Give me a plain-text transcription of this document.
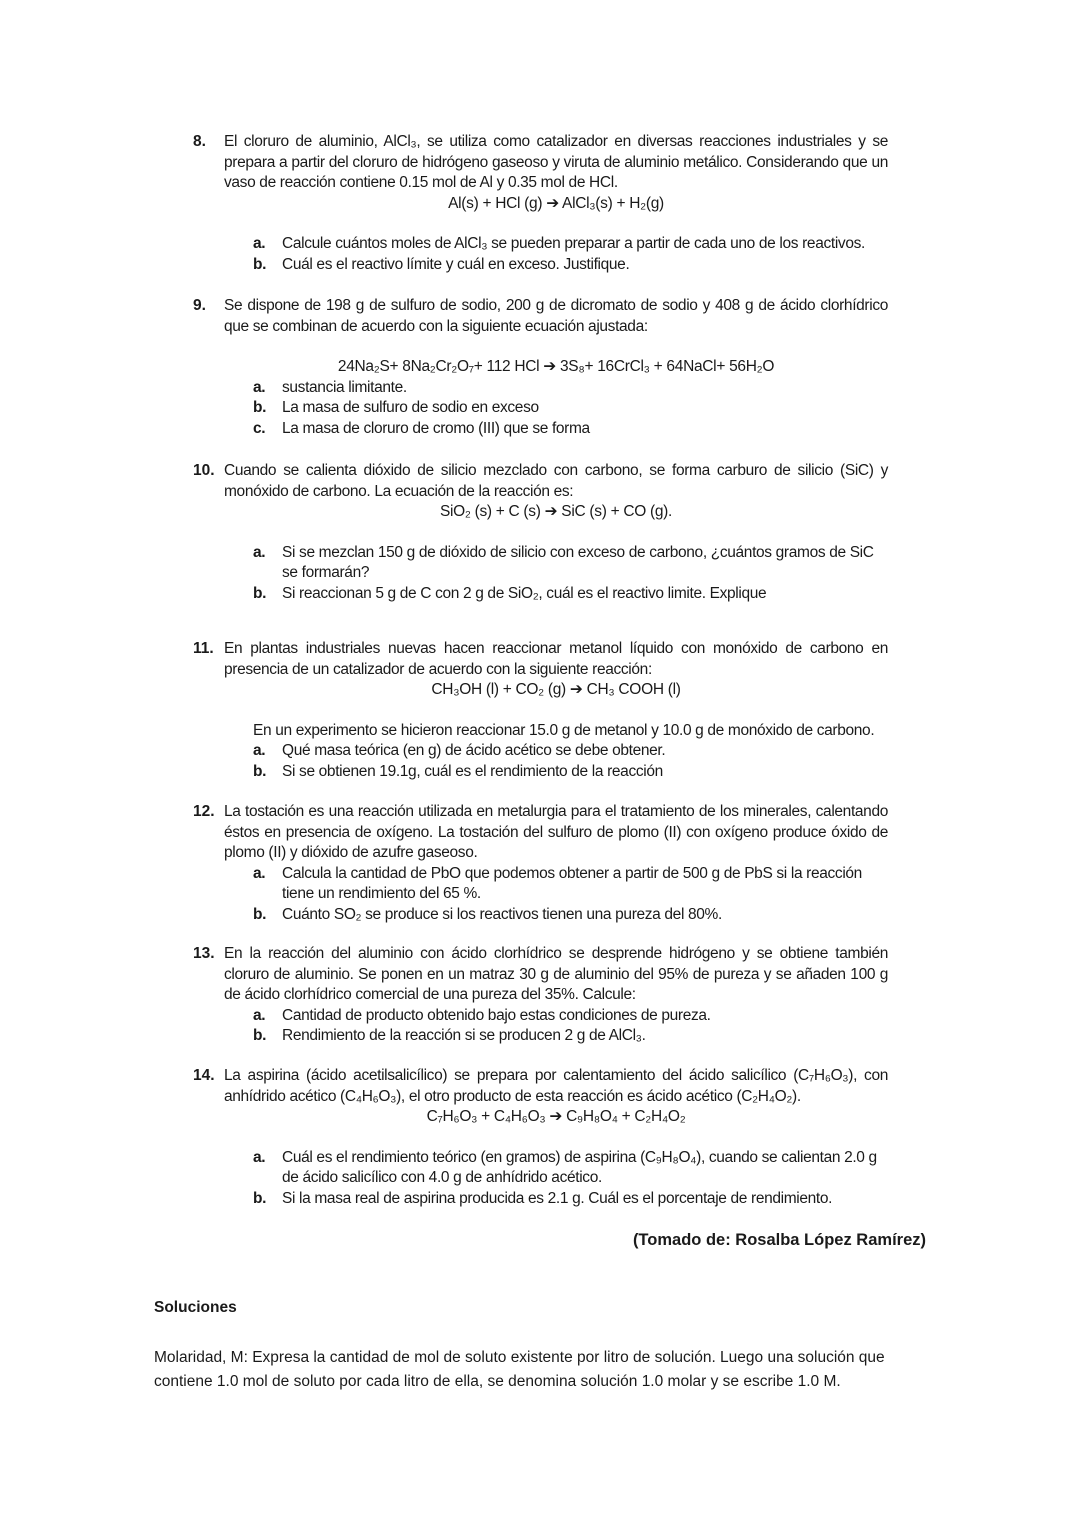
8.	El cloruro de aluminio, AlCl₃, se utiliza como catalizador en diversas reacciones industriales y se prepara a partir del cloruro de hidrógeno gaseoso y viruta de aluminio metálico. Considerando que un vaso de reacción contiene 0.15 mol de Al y 0.35 mol de HCl.
Al(s) + HCl (g) ➔ AlCl₃(s) + H₂(g)
a. Calcule cuántos moles de AlCl₃ se pueden preparar a partir de cada uno de los reactivos.
b. Cuál es el reactivo límite y cuál en exceso. Justifique.
9.	Se dispone de 198 g de sulfuro de sodio, 200 g de dicromato de sodio y 408 g de ácido clorhídrico que se combinan de acuerdo con la siguiente ecuación ajustada:
24Na₂S+ 8Na₂Cr₂O₇+ 112 HCl ➔ 3S₈+ 16CrCl₃ + 64NaCl+ 56H₂O
a. sustancia limitante.
b. La masa de sulfuro de sodio en exceso
c. La masa de cloruro de cromo (III) que se forma
10. Cuando se calienta dióxido de silicio mezclado con carbono, se forma carburo de silicio (SiC) y monóxido de carbono. La ecuación de la reacción es:
SiO₂ (s) + C (s) ➔ SiC (s) + CO (g).
a. Si se mezclan 150 g de dióxido de silicio con exceso de carbono, ¿cuántos gramos de SiC se formarán?
b. Si reaccionan 5 g de C con 2 g de SiO₂, cuál es el reactivo limite. Explique
11. En plantas industriales nuevas hacen reaccionar metanol líquido con monóxido de carbono en presencia de un catalizador de acuerdo con la siguiente reacción:
CH₃OH (l) + CO₂ (g) ➔ CH₃ COOH (l)
En un experimento se hicieron reaccionar 15.0 g de metanol y 10.0 g de monóxido de carbono.
a. Qué masa teórica (en g) de ácido acético se debe obtener.
b. Si se obtienen 19.1g, cuál es el rendimiento de la reacción
12. La tostación es una reacción utilizada en metalurgia para el tratamiento de los minerales, calentando éstos en presencia de oxígeno. La tostación del sulfuro de plomo (II) con oxígeno produce óxido de plomo (II) y dióxido de azufre gaseoso.
a. Calcula la cantidad de PbO que podemos obtener a partir de 500 g de PbS si la reacción tiene un rendimiento del 65 %.
b. Cuánto SO₂ se produce si los reactivos tienen una pureza del 80%.
13. En la reacción del aluminio con ácido clorhídrico se desprende hidrógeno y se obtiene también cloruro de aluminio. Se ponen en un matraz 30 g de aluminio del 95% de pureza y se añaden 100 g de ácido clorhídrico comercial de una pureza del 35%. Calcule:
a. Cantidad de producto obtenido bajo estas condiciones de pureza.
b. Rendimiento de la reacción si se producen 2 g de AlCl₃.
14. La aspirina (ácido acetilsalicílico) se prepara por calentamiento del ácido salicílico (C₇H₆O₃), con anhídrido acético (C₄H₆O₃), el otro producto de esta reacción es ácido acético (C₂H₄O₂).
C₇H₆O₃ + C₄H₆O₃ ➔ C₉H₈O₄ + C₂H₄O₂
a. Cuál es el rendimiento teórico (en gramos) de aspirina (C₉H₈O₄), cuando se calientan 2.0 g de ácido salicílico con 4.0 g de anhídrido acético.
b. Si la masa real de aspirina producida es 2.1 g. Cuál es el porcentaje de rendimiento.
(Tomado de: Rosalba López Ramírez)
Soluciones
Molaridad, M: Expresa la cantidad de mol de soluto existente por litro de solución. Luego una solución que contiene 1.0 mol de soluto por cada litro de ella, se denomina solución 1.0 molar y se escribe 1.0 M.
